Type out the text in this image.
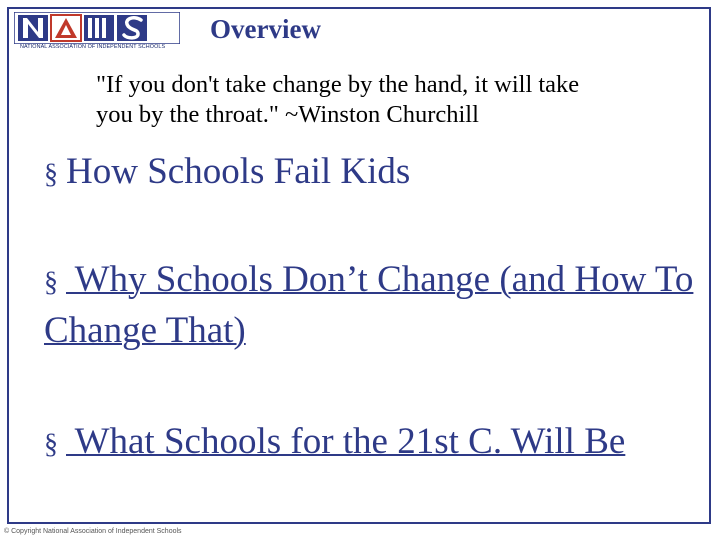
NATIONAL ASSOCIATION OF INDEPENDENT SCHOOLS
Overview
"If you don't take change by the hand, it will take
you by the throat." ~Winston Churchill
§ How Schools Fail Kids
§ Why Schools Don’t Change (and How To Change That)
§ What Schools for the 21st C. Will Be
© Copyright National Association of Independent Schools
